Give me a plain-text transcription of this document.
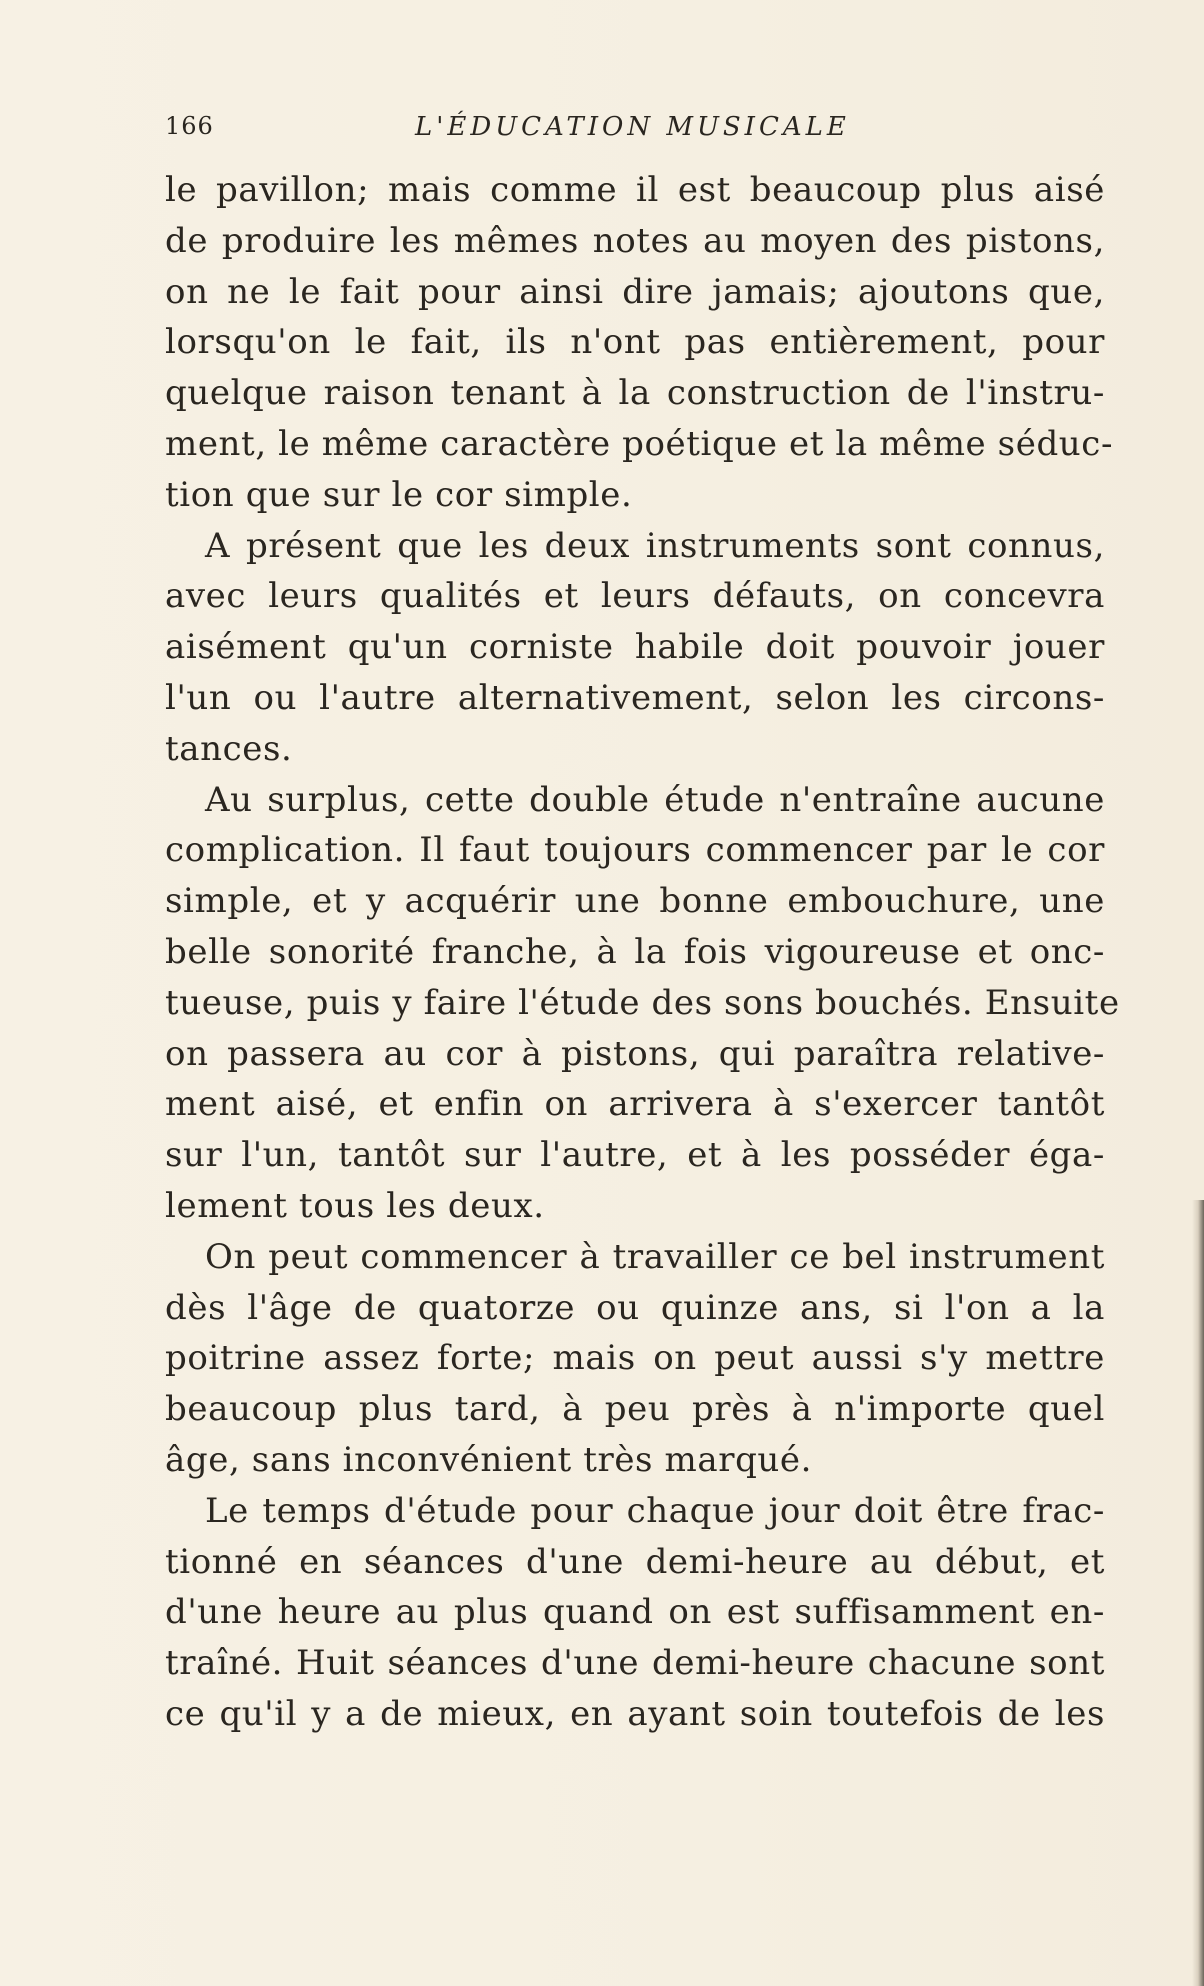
166	L'ÉDUCATION MUSICALE
le pavillon; mais comme il est beaucoup plus aisé
de produire les mêmes notes au moyen des pistons,
on ne le fait pour ainsi dire jamais; ajoutons que,
lorsqu'on le fait, ils n'ont pas entièrement, pour
quelque raison tenant à la construction de l'instru-
ment, le même caractère poétique et la même séduc-
tion que sur le cor simple.
A présent que les deux instruments sont connus,
avec leurs qualités et leurs défauts, on concevra
aisément qu'un corniste habile doit pouvoir jouer
l'un ou l'autre alternativement, selon les circons-
tances.
Au surplus, cette double étude n'entraîne aucune
complication. Il faut toujours commencer par le cor
simple, et y acquérir une bonne embouchure, une
belle sonorité franche, à la fois vigoureuse et onc-
tueuse, puis y faire l'étude des sons bouchés. Ensuite
on passera au cor à pistons, qui paraîtra relative-
ment aisé, et enfin on arrivera à s'exercer tantôt
sur l'un, tantôt sur l'autre, et à les posséder éga-
lement tous les deux.
On peut commencer à travailler ce bel instrument
dès l'âge de quatorze ou quinze ans, si l'on a la
poitrine assez forte; mais on peut aussi s'y mettre
beaucoup plus tard, à peu près à n'importe quel
âge, sans inconvénient très marqué.
Le temps d'étude pour chaque jour doit être frac-
tionné en séances d'une demi-heure au début, et
d'une heure au plus quand on est suffisamment en-
traîné. Huit séances d'une demi-heure chacune sont
ce qu'il y a de mieux, en ayant soin toutefois de les
